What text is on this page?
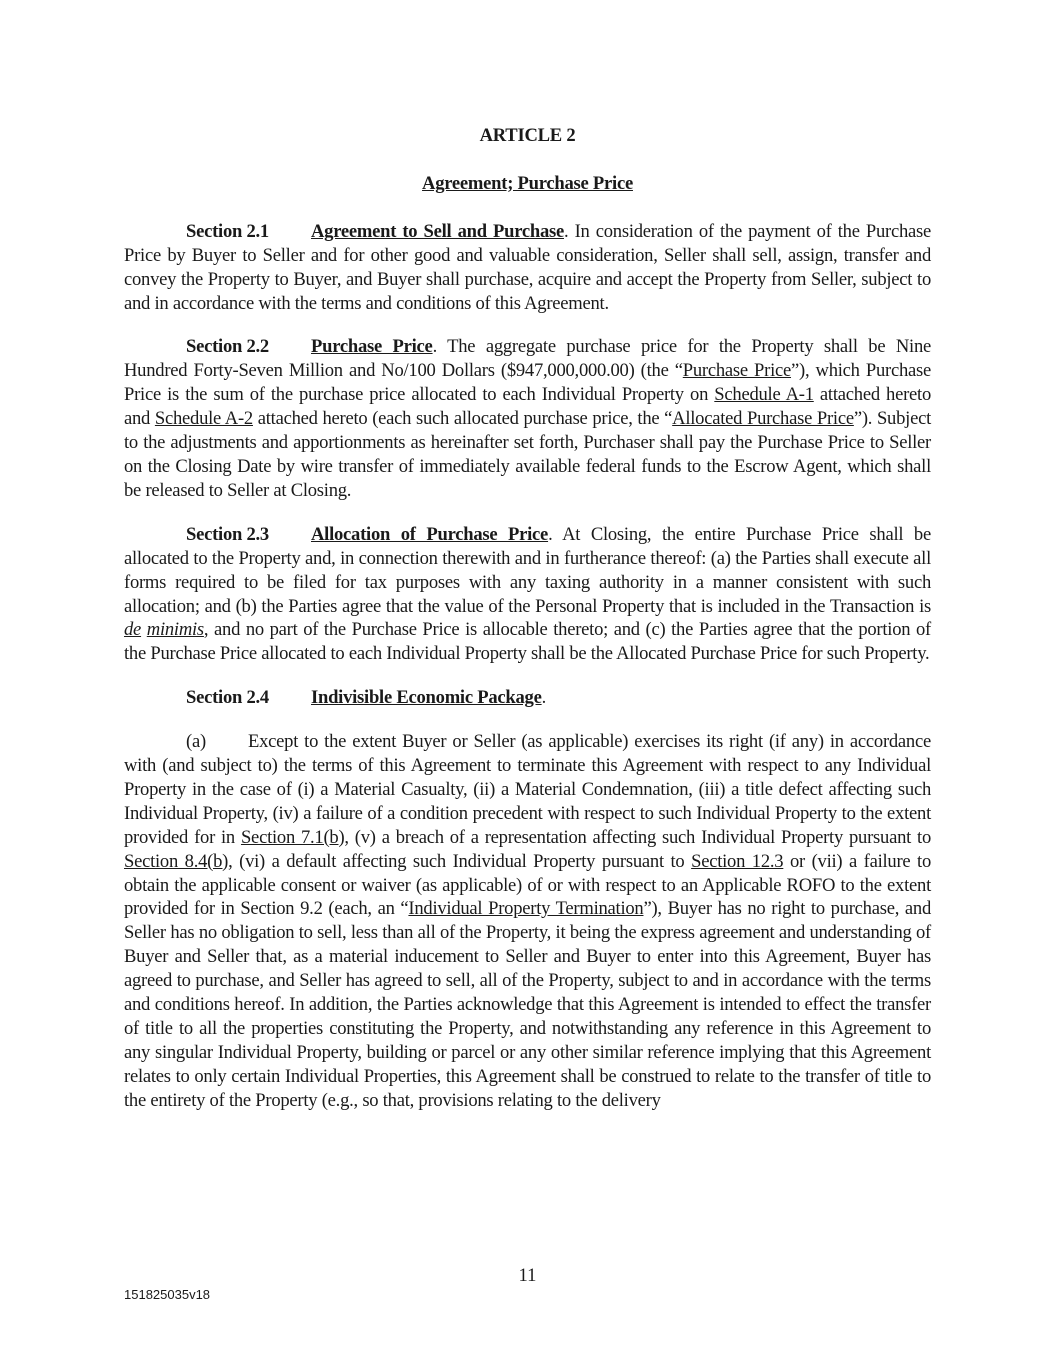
ARTICLE 2
Agreement; Purchase Price

Section 2.1 Agreement to Sell and Purchase. In consideration of the payment of the Purchase Price by Buyer to Seller and for other good and valuable consideration, Seller shall sell, assign, transfer and convey the Property to Buyer, and Buyer shall purchase, acquire and accept the Property from Seller, subject to and in accordance with the terms and conditions of this Agreement.

Section 2.2 Purchase Price. The aggregate purchase price for the Property shall be Nine Hundred Forty-Seven Million and No/100 Dollars ($947,000,000.00) (the “Purchase Price”), which Purchase Price is the sum of the purchase price allocated to each Individual Property on Schedule A-1 attached hereto and Schedule A-2 attached hereto (each such allocated purchase price, the “Allocated Purchase Price”). Subject to the adjustments and apportionments as hereinafter set forth, Purchaser shall pay the Purchase Price to Seller on the Closing Date by wire transfer of immediately available federal funds to the Escrow Agent, which shall be released to Seller at Closing.

Section 2.3 Allocation of Purchase Price. At Closing, the entire Purchase Price shall be allocated to the Property and, in connection therewith and in furtherance thereof: (a) the Parties shall execute all forms required to be filed for tax purposes with any taxing authority in a manner consistent with such allocation; and (b) the Parties agree that the value of the Personal Property that is included in the Transaction is de minimis, and no part of the Purchase Price is allocable thereto; and (c) the Parties agree that the portion of the Purchase Price allocated to each Individual Property shall be the Allocated Purchase Price for such Property.

Section 2.4 Indivisible Economic Package.

(a) Except to the extent Buyer or Seller (as applicable) exercises its right (if any) in accordance with (and subject to) the terms of this Agreement to terminate this Agreement with respect to any Individual Property in the case of (i) a Material Casualty, (ii) a Material Condemnation, (iii) a title defect affecting such Individual Property, (iv) a failure of a condition precedent with respect to such Individual Property to the extent provided for in Section 7.1(b), (v) a breach of a representation affecting such Individual Property pursuant to Section 8.4(b), (vi) a default affecting such Individual Property pursuant to Section 12.3 or (vii) a failure to obtain the applicable consent or waiver (as applicable) of or with respect to an Applicable ROFO to the extent provided for in Section 9.2 (each, an “Individual Property Termination”), Buyer has no right to purchase, and Seller has no obligation to sell, less than all of the Property, it being the express agreement and understanding of Buyer and Seller that, as a material inducement to Seller and Buyer to enter into this Agreement, Buyer has agreed to purchase, and Seller has agreed to sell, all of the Property, subject to and in accordance with the terms and conditions hereof. In addition, the Parties acknowledge that this Agreement is intended to effect the transfer of title to all the properties constituting the Property, and notwithstanding any reference in this Agreement to any singular Individual Property, building or parcel or any other similar reference implying that this Agreement relates to only certain Individual Properties, this Agreement shall be construed to relate to the transfer of title to the entirety of the Property (e.g., so that, provisions relating to the delivery

11
151825035v18
